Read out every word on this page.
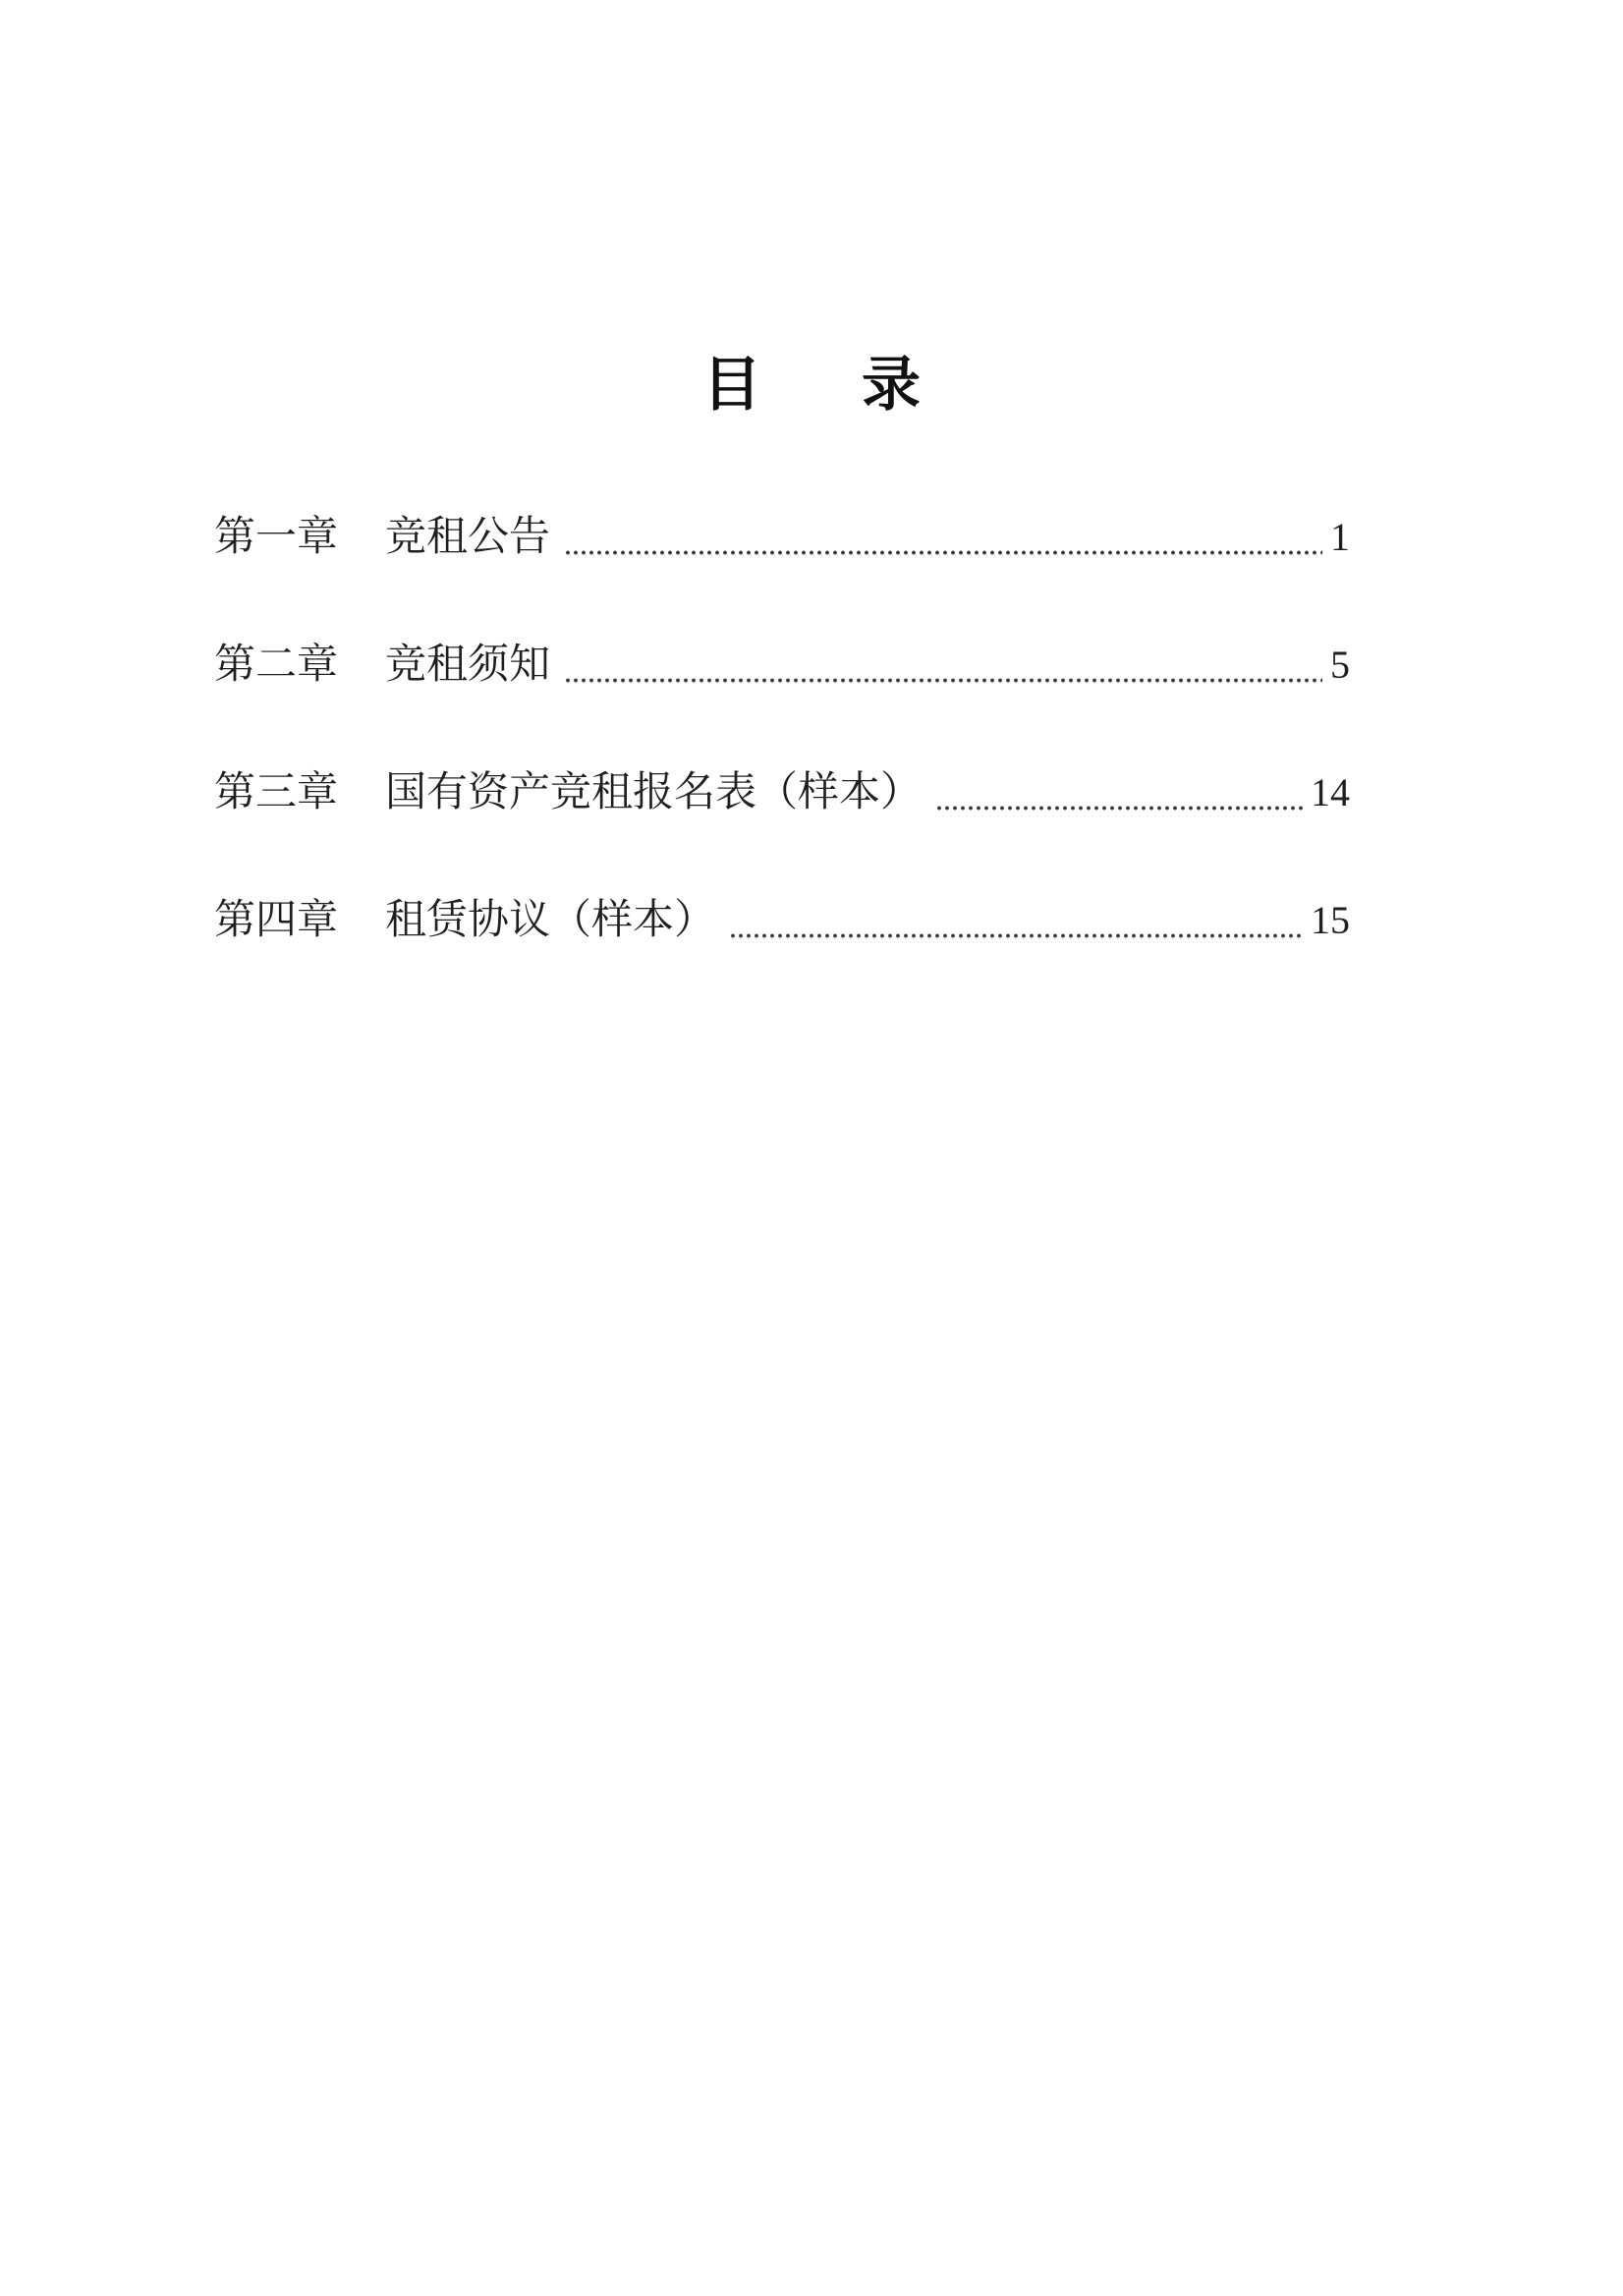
目 录
第一章 竞租公告	1
第二章 竞租须知	5
第三章 国有资产竞租报名表（样本）	14
第四章 租赁协议（样本）	15
